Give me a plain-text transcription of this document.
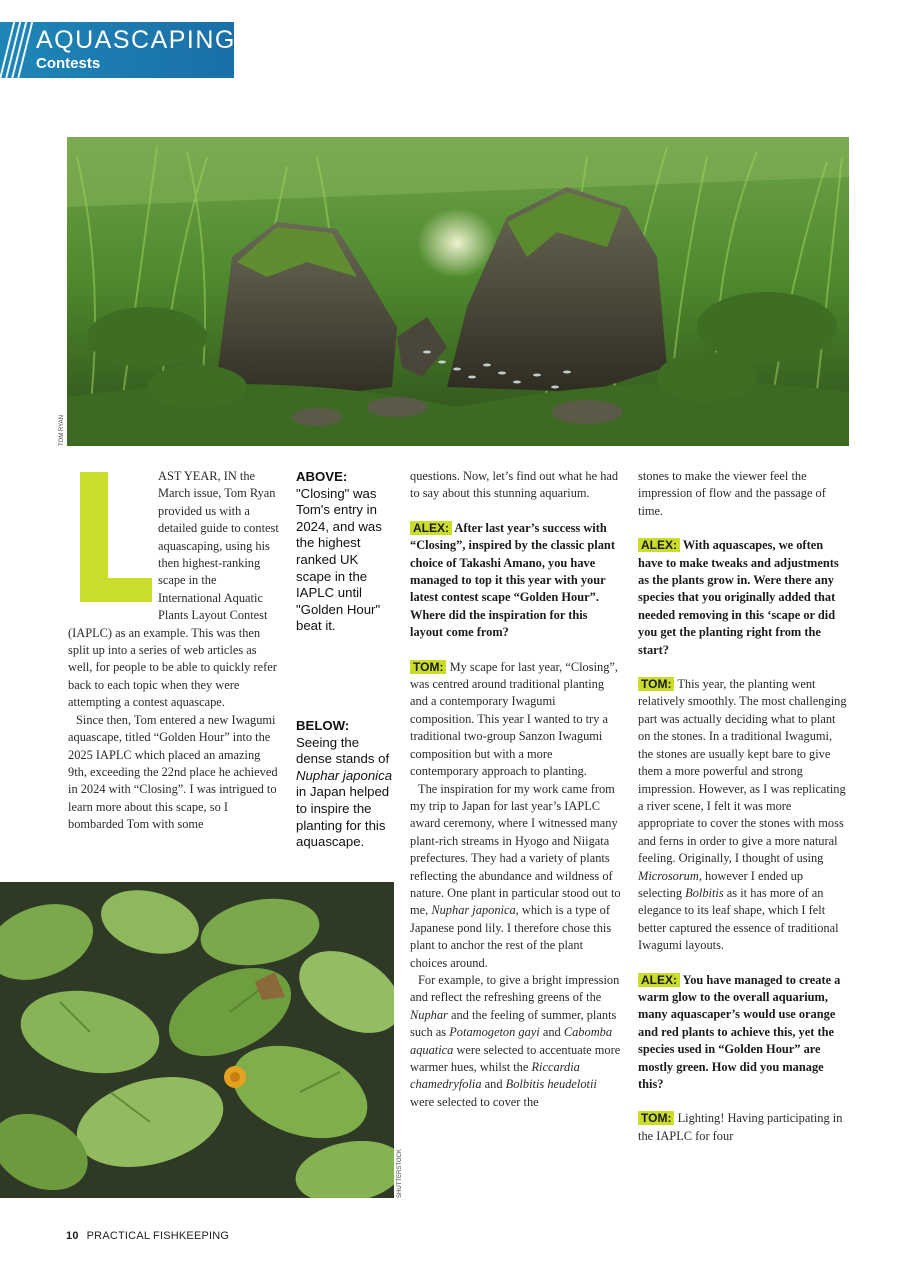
AQUASCAPING
Contests
TOM RYAN

AST YEAR, IN the March issue, Tom Ryan provided us with a detailed guide to contest aquascaping, using his then highest-ranking scape in the International Aquatic Plants Layout Contest (IAPLC) as an example. This was then split up into a series of web articles as well, for people to be able to quickly refer back to each topic when they were attempting a contest aquascape.

Since then, Tom entered a new Iwagumi aquascape, titled “Golden Hour” into the 2025 IAPLC which placed an amazing 9th, exceeding the 22nd place he achieved in 2024 with “Closing”. I was intrigued to learn more about this scape, so I bombarded Tom with some

ABOVE:
"Closing" was Tom's entry in 2024, and was the highest ranked UK scape in the IAPLC until "Golden Hour" beat it.
BELOW:
Seeing the dense stands of Nuphar japonica in Japan helped to inspire the planting for this aquascape.
SHUTTERSTOCK

questions. Now, let’s find out what he had to say about this stunning aquarium.

ALEX: After last year’s success with “Closing”, inspired by the classic plant choice of Takashi Amano, you have managed to top it this year with your latest contest scape “Golden Hour”. Where did the inspiration for this layout come from?

TOM: My scape for last year, “Closing”, was centred around traditional planting and a contemporary Iwagumi composition. This year I wanted to try a traditional two-group Sanzon Iwagumi composition but with a more contemporary approach to planting.

The inspiration for my work came from my trip to Japan for last year’s IAPLC award ceremony, where I witnessed many plant-rich streams in Hyogo and Niigata prefectures. They had a variety of plants reflecting the abundance and wildness of nature. One plant in particular stood out to me, Nuphar japonica, which is a type of Japanese pond lily. I therefore chose this plant to anchor the rest of the plant choices around.

For example, to give a bright impression and reflect the refreshing greens of the Nuphar and the feeling of summer, plants such as Potamogeton gayi and Cabomba aquatica were selected to accentuate more warmer hues, whilst the Riccardia chamedryfolia and Bolbitis heudelotii were selected to cover the

stones to make the viewer feel the impression of flow and the passage of time.

ALEX: With aquascapes, we often have to make tweaks and adjustments as the plants grow in. Were there any species that you originally added that needed removing in this ‘scape or did you get the planting right from the start?

TOM: This year, the planting went relatively smoothly. The most challenging part was actually deciding what to plant on the stones. In a traditional Iwagumi, the stones are usually kept bare to give them a more powerful and strong impression. However, as I was replicating a river scene, I felt it was more appropriate to cover the stones with moss and ferns in order to give a more natural feeling. Originally, I thought of using Microsorum, however I ended up selecting Bolbitis as it has more of an elegance to its leaf shape, which I felt better captured the essence of traditional Iwagumi layouts.

ALEX: You have managed to create a warm glow to the overall aquarium, many aquascaper’s would use orange and red plants to achieve this, yet the species used in “Golden Hour” are mostly green. How did you manage this?

TOM: Lighting! Having participating in the IAPLC for four

10 PRACTICAL FISHKEEPING
